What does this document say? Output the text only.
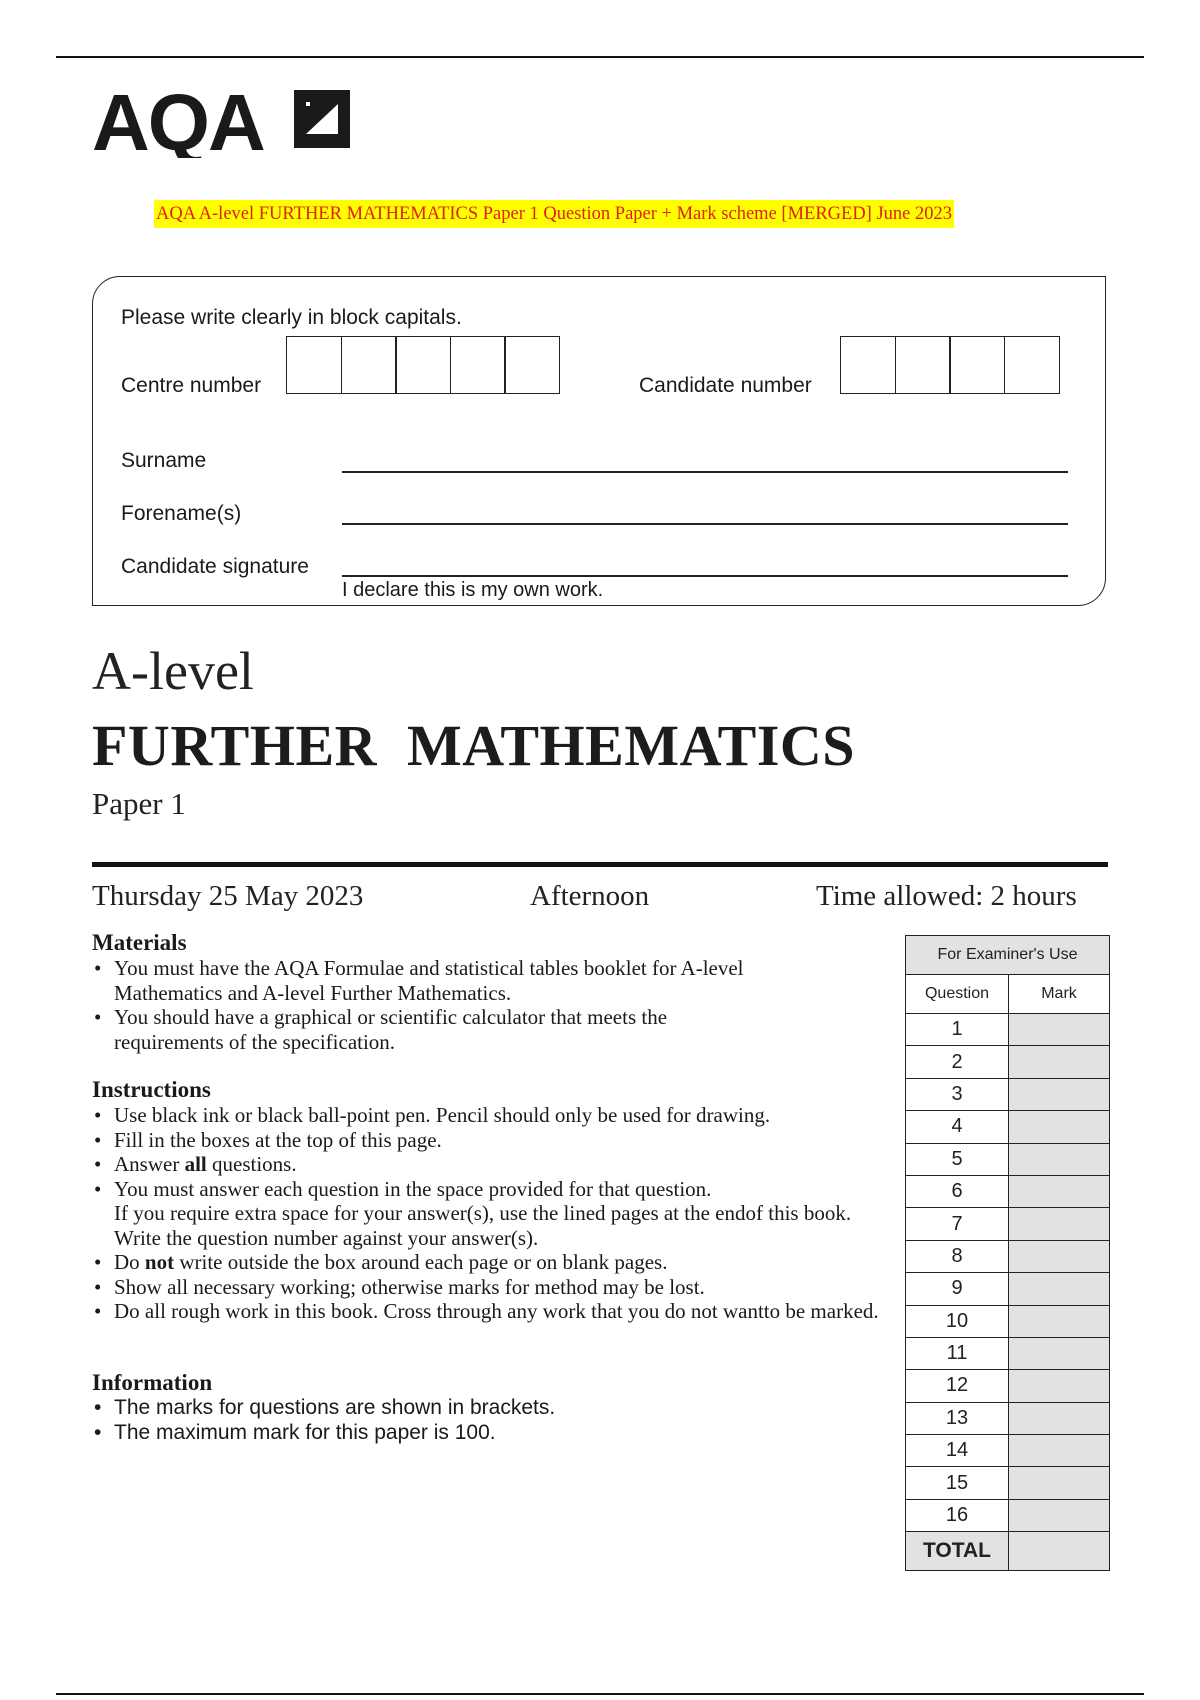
AQA
AQA A-level FURTHER MATHEMATICS Paper 1 Question Paper + Mark scheme [MERGED] June 2023
Please write clearly in block capitals.
Centre number	Candidate number
Surname
Forename(s)
Candidate signature
I declare this is my own work.
A-level
FURTHER  MATHEMATICS
Paper 1
Thursday 25 May 2023	Afternoon	Time allowed: 2 hours
Materials
• You must have the AQA Formulae and statistical tables booklet for A-level Mathematics and A-level Further Mathematics.
• You should have a graphical or scientific calculator that meets the requirements of the specification.
Instructions
• Use black ink or black ball-point pen. Pencil should only be used for drawing.
• Fill in the boxes at the top of this page.
• Answer all questions.
• You must answer each question in the space provided for that question.
If you require extra space for your answer(s), use the lined pages at the endof this book. Write the question number against your answer(s).
• Do not write outside the box around each page or on blank pages.
• Show all necessary working; otherwise marks for method may be lost.
• Do all rough work in this book. Cross through any work that you do not wantto be marked.
Information
• The marks for questions are shown in brackets.
• The maximum mark for this paper is 100.
For Examiner's Use	
Question	Mark
1	
2	
3	
4	
5	
6	
7	
8	
9	
10	
11	
12	
13	
14	
15	
16	
TOTAL	
